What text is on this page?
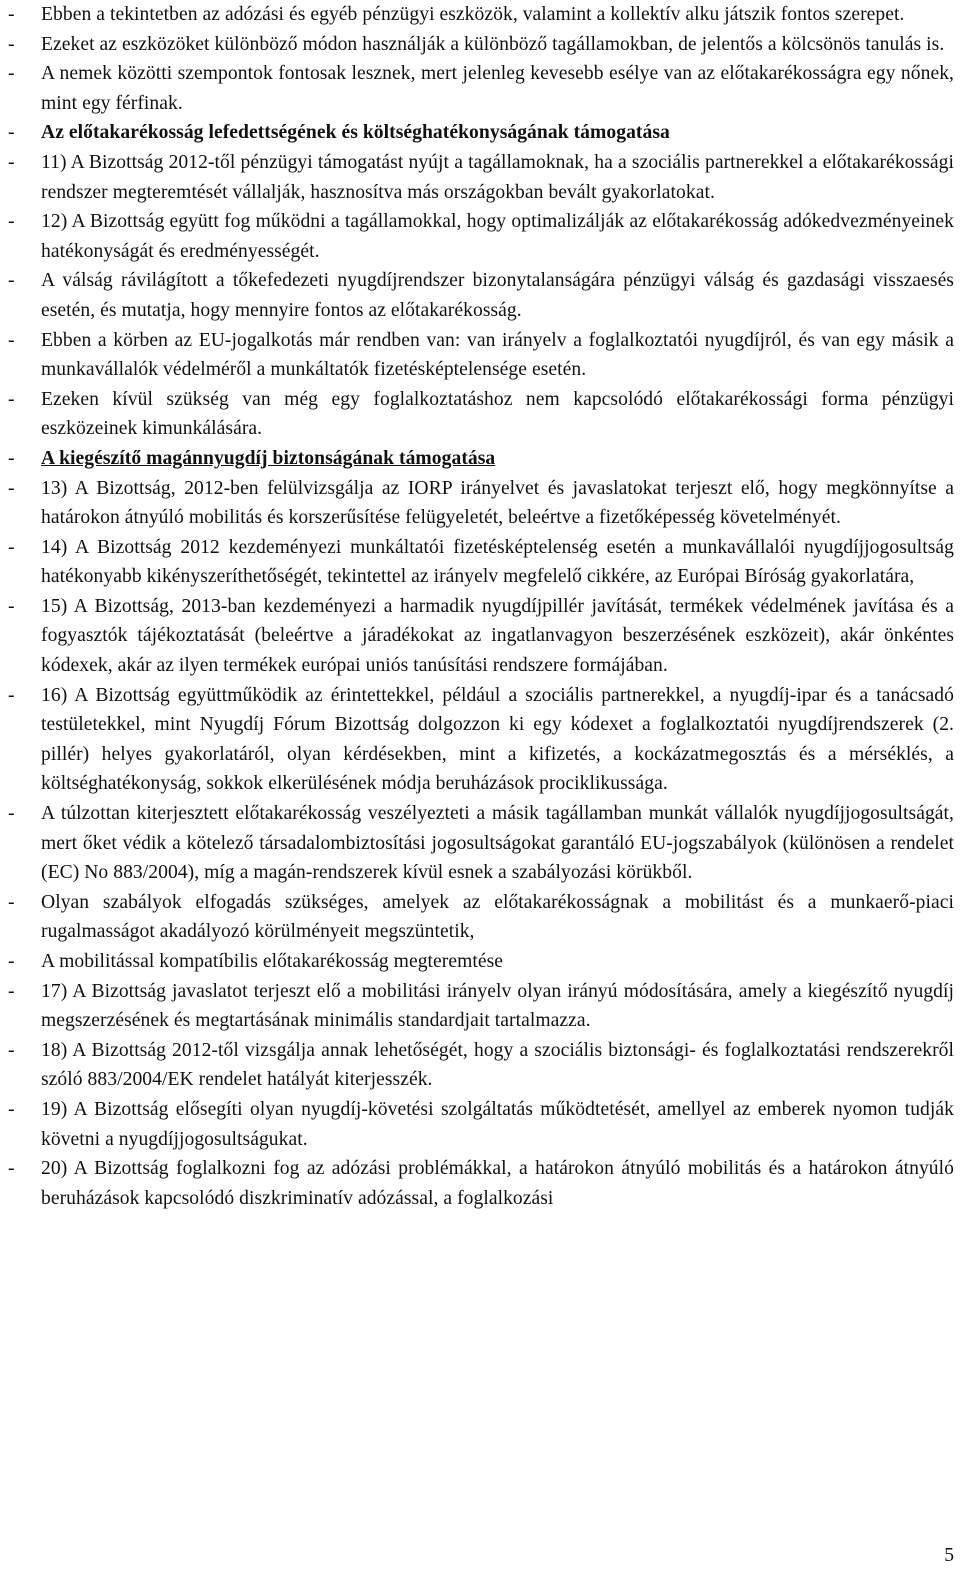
- Ebben a tekintetben az adózási és egyéb pénzügyi eszközök, valamint a kollektív alku játszik fontos szerepet.
- Ezeket az eszközöket különböző módon használják a különböző tagállamokban, de jelentős a kölcsönös tanulás is.
- A nemek közötti szempontok fontosak lesznek, mert jelenleg kevesebb esélye van az előtakarékosságra egy nőnek, mint egy férfinak.
- Az előtakarékosság lefedettségének és költséghatékonyságának támogatása
- 11) A Bizottság 2012-től pénzügyi támogatást nyújt a tagállamoknak, ha a szociális partnerekkel a előtakarékossági rendszer megteremtését vállalják, hasznosítva más országokban bevált gyakorlatokat.
- 12) A Bizottság együtt fog működni a tagállamokkal, hogy optimalizálják az előtakarékosság adókedvezményeinek hatékonyságát és eredményességét.
- A válság rávilágított a tőkefedezeti nyugdíjrendszer bizonytalanságára pénzügyi válság és gazdasági visszaesés esetén, és mutatja, hogy mennyire fontos az előtakarékosság.
- Ebben a körben az EU-jogalkotás már rendben van: van irányelv a foglalkoztatói nyugdíjról, és van egy másik a munkavállalók védelméről a munkáltatók fizetésképtelensége esetén.
- Ezeken kívül szükség van még egy foglalkoztatáshoz nem kapcsolódó előtakarékossági forma pénzügyi eszközeinek kimunkálására.
- A kiegészítő magánnyugdíj biztonságának támogatása
- 13) A Bizottság, 2012-ben felülvizsgálja az IORP irányelvet és javaslatokat terjeszt elő, hogy megkönnyítse a határokon átnyúló mobilitás és korszerűsítése felügyeletét, beleértve a fizetőképesség követelményét.
- 14) A Bizottság 2012 kezdeményezi munkáltatói fizetésképtelenség esetén a munkavállalói nyugdíjjogosultság hatékonyabb kikényszeríthetőségét, tekintettel az irányelv megfelelő cikkére, az Európai Bíróság gyakorlatára,
- 15) A Bizottság, 2013-ban kezdeményezi a harmadik nyugdíjpillér javítását, termékek védelmének javítása és a fogyasztók tájékoztatását (beleértve a járadékokat az ingatlanvagyon beszerzésének eszközeit), akár önkéntes kódexek, akár az ilyen termékek európai uniós tanúsítási rendszere formájában.
- 16) A Bizottság együttműködik az érintettekkel, például a szociális partnerekkel, a nyugdíj-ipar és a tanácsadó testületekkel, mint Nyugdíj Fórum Bizottság dolgozzon ki egy kódexet a foglalkoztatói nyugdíjrendszerek (2. pillér) helyes gyakorlatáról, olyan kérdésekben, mint a kifizetés, a kockázatmegosztás és a mérséklés, a költséghatékonyság, sokkok elkerülésének módja beruházások prociklikussága.
- A túlzottan kiterjesztett előtakarékosság veszélyezteti a másik tagállamban munkát vállalók nyugdíjjogosultságát, mert őket védik a kötelező társadalombiztosítási jogosultságokat garantáló EU-jogszabályok (különösen a rendelet (EC) No 883/2004), míg a magán-rendszerek kívül esnek a szabályozási körükből.
- Olyan szabályok elfogadás szükséges, amelyek az előtakarékosságnak a mobilitást és a munkaerő-piaci rugalmasságot akadályozó körülményeit megszüntetik,
- A mobilitással kompatíbilis előtakarékosság megteremtése
- 17) A Bizottság javaslatot terjeszt elő a mobilitási irányelv olyan irányú módosítására, amely a kiegészítő nyugdíj megszerzésének és megtartásának minimális standardjait tartalmazza.
- 18) A Bizottság 2012-től vizsgálja annak lehetőségét, hogy a szociális biztonsági- és foglalkoztatási rendszerekről szóló 883/2004/EK rendelet hatályát kiterjesszék.
- 19) A Bizottság elősegíti olyan nyugdíj-követési szolgáltatás működtetését, amellyel az emberek nyomon tudják követni a nyugdíjjogosultságukat.
- 20) A Bizottság foglalkozni fog az adózási problémákkal, a határokon átnyúló mobilitás és a határokon átnyúló beruházások kapcsolódó diszkriminatív adózással, a foglalkozási
5
